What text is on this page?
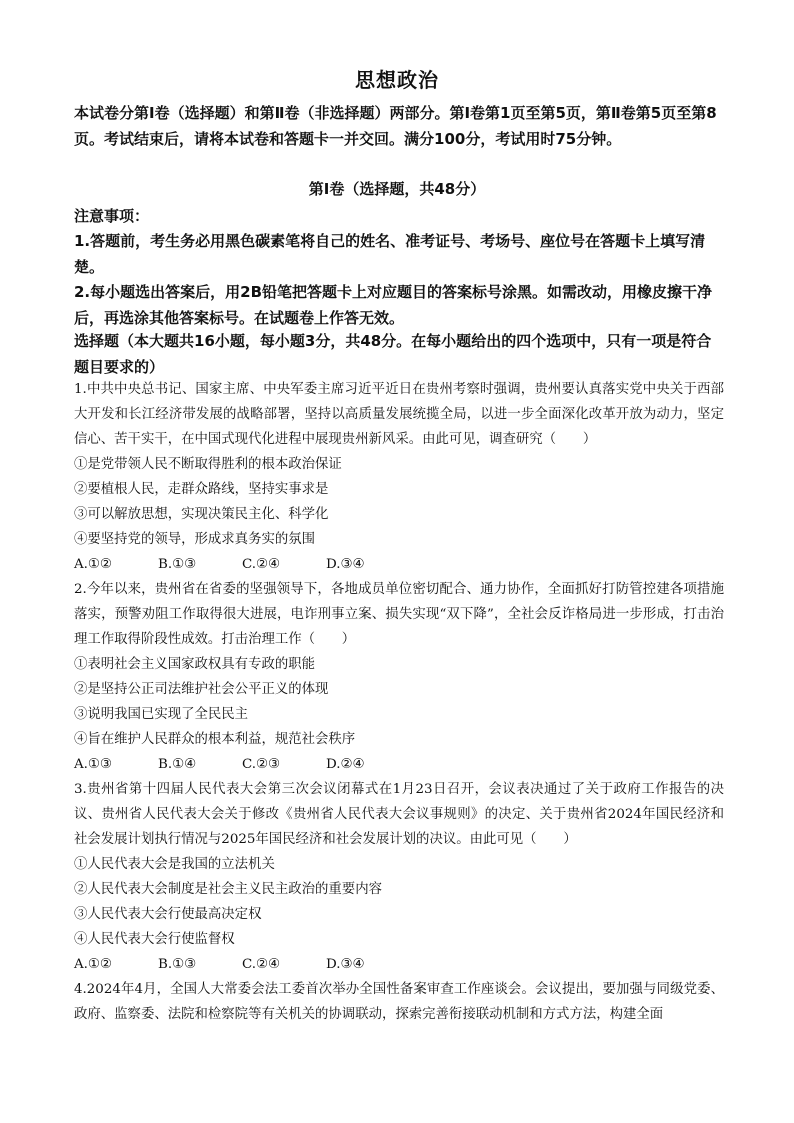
思想政治
本试卷分第Ⅰ卷（选择题）和第Ⅱ卷（非选择题）两部分。第Ⅰ卷第1页至第5页，第Ⅱ卷第5页至第8页。考试结束后，请将本试卷和答题卡一并交回。满分100分，考试用时75分钟。
第Ⅰ卷（选择题，共48分）
注意事项：
1.答题前，考生务必用黑色碳素笔将自己的姓名、准考证号、考场号、座位号在答题卡上填写清楚。
2.每小题选出答案后，用2B铅笔把答题卡上对应题目的答案标号涂黑。如需改动，用橡皮擦干净后，再选涂其他答案标号。在试题卷上作答无效。
选择题（本大题共16小题，每小题3分，共48分。在每小题给出的四个选项中，只有一项是符合题目要求的）
1.中共中央总书记、国家主席、中央军委主席习近平近日在贵州考察时强调，贵州要认真落实党中央关于西部大开发和长江经济带发展的战略部署，坚持以高质量发展统揽全局，以进一步全面深化改革开放为动力，坚定信心、苦干实干，在中国式现代化进程中展现贵州新风采。由此可见，调查研究（　　）
①是党带领人民不断取得胜利的根本政治保证
②要植根人民，走群众路线，坚持实事求是
③可以解放思想，实现决策民主化、科学化
④要坚持党的领导，形成求真务实的氛围
A.①②	B.①③	C.②④	D.③④
2.今年以来，贵州省在省委的坚强领导下，各地成员单位密切配合、通力协作，全面抓好打防管控建各项措施落实，预警劝阻工作取得很大进展，电诈刑事立案、损失实现“双下降”，全社会反诈格局进一步形成，打击治理工作取得阶段性成效。打击治理工作（　　）
①表明社会主义国家政权具有专政的职能
②是坚持公正司法维护社会公平正义的体现
③说明我国已实现了全民民主
④旨在维护人民群众的根本利益，规范社会秩序
A.①③	B.①④	C.②③	D.②④
3.贵州省第十四届人民代表大会第三次会议闭幕式在1月23日召开，会议表决通过了关于政府工作报告的决议、贵州省人民代表大会关于修改《贵州省人民代表大会议事规则》的决定、关于贵州省2024年国民经济和社会发展计划执行情况与2025年国民经济和社会发展计划的决议。由此可见（　　）
①人民代表大会是我国的立法机关
②人民代表大会制度是社会主义民主政治的重要内容
③人民代表大会行使最高决定权
④人民代表大会行使监督权
A.①②	B.①③	C.②④	D.③④
4.2024年4月，全国人大常委会法工委首次举办全国性备案审查工作座谈会。会议提出，要加强与同级党委、政府、监察委、法院和检察院等有关机关的协调联动，探索完善衔接联动机制和方式方法，构建全面
